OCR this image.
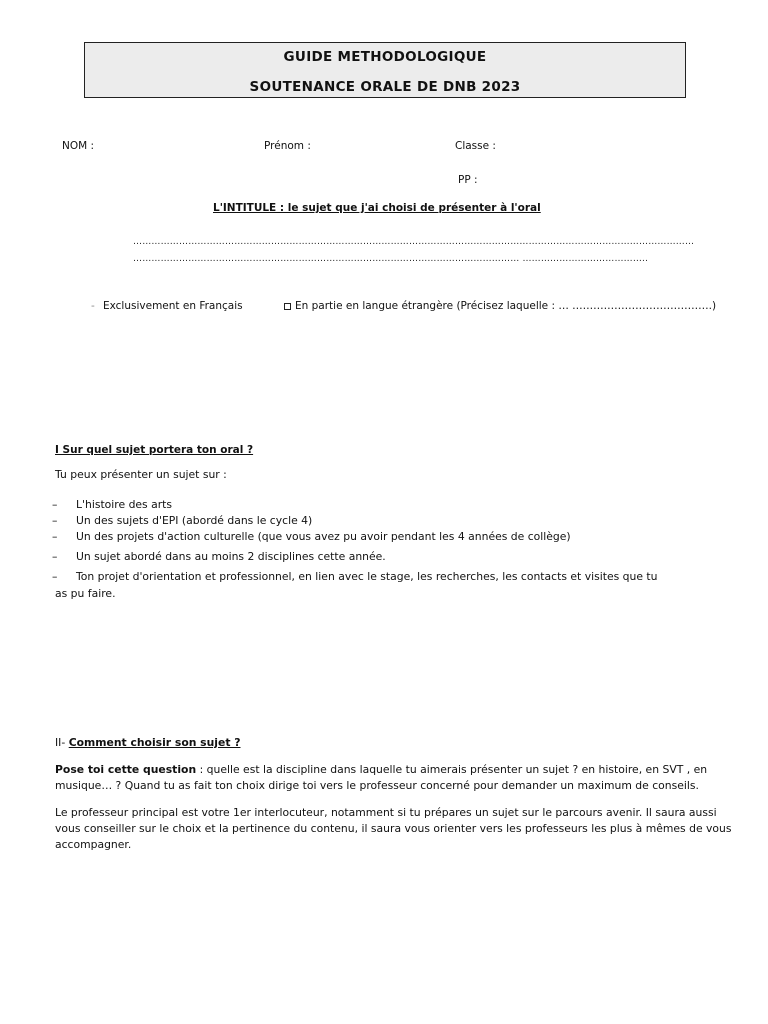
GUIDE METHODOLOGIQUE
SOUTENANCE ORALE DE DNB 2023
NOM :	Prénom :	Classe :
PP :
L'INTITULE : le sujet que j'ai choisi de présenter à l'oral
…………………………………………………………………………………………………………………………………………………………………
……………………………………………………………………………………………………………… …………………………………..
- Exclusivement en Français	En partie en langue étrangère (Précisez laquelle : … ………………………………….)
I Sur quel sujet portera ton oral ?
Tu peux présenter un sujet sur :
– L'histoire des arts
– Un des sujets d'EPI (abordé dans le cycle 4)
– Un des projets d'action culturelle (que vous avez pu avoir pendant les 4 années de collège)
– Un sujet abordé dans au moins 2 disciplines cette année.
– Ton projet d'orientation et professionnel, en lien avec le stage, les recherches, les contacts et visites que tu
as pu faire.
II- Comment choisir son sujet ?
Pose toi cette question : quelle est la discipline dans laquelle tu aimerais présenter un sujet ? en histoire, en SVT , en
musique… ? Quand tu as fait ton choix dirige toi vers le professeur concerné pour demander un maximum de conseils.
Le professeur principal est votre 1er interlocuteur, notamment si tu prépares un sujet sur le parcours avenir. Il saura aussi
vous conseiller sur le choix et la pertinence du contenu, il saura vous orienter vers les professeurs les plus à mêmes de vous
accompagner.
